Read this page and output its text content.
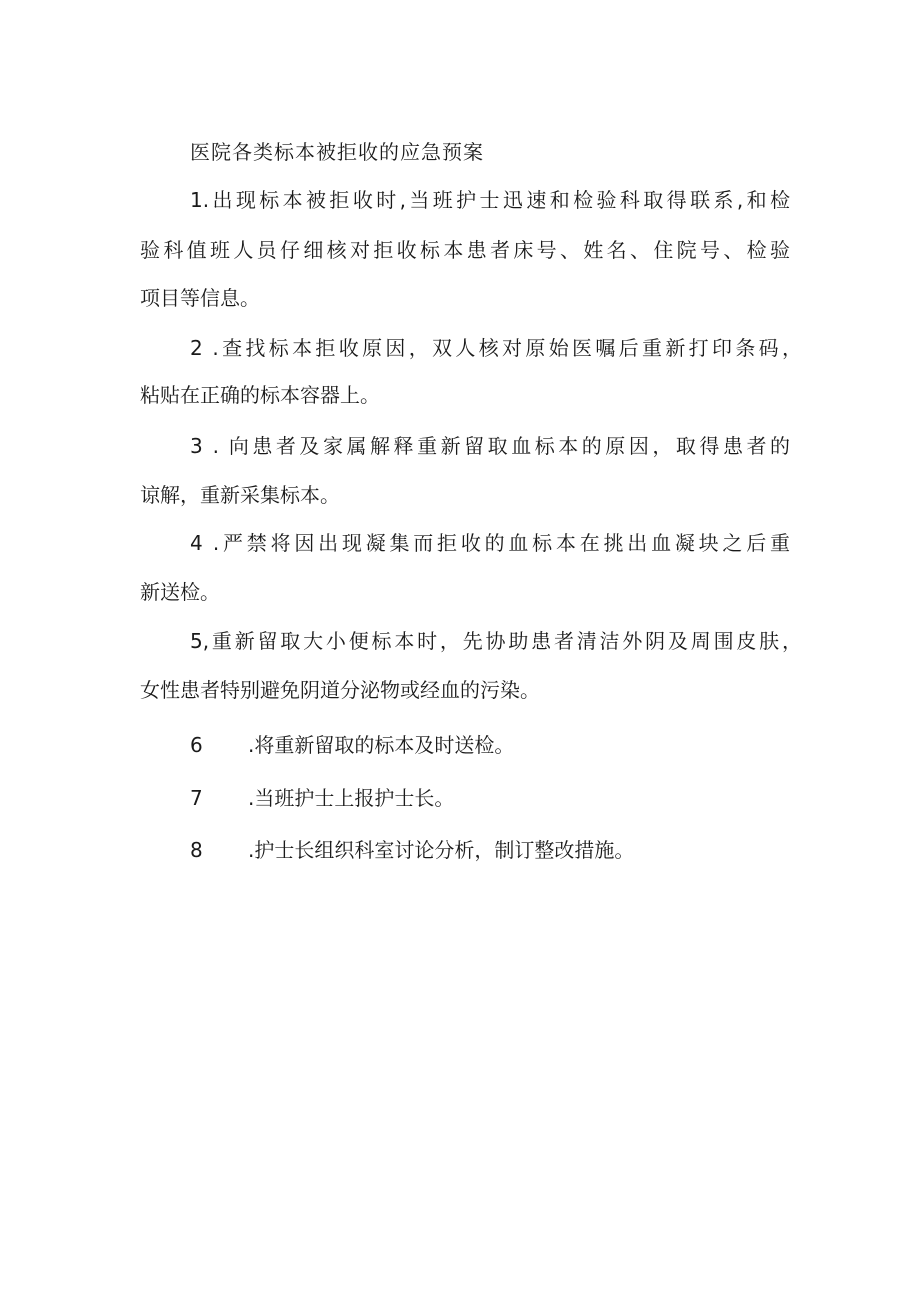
医院各类标本被拒收的应急预案
1.出现标本被拒收时,当班护士迅速和检验科取得联系,和检
验科值班人员仔细核对拒收标本患者床号、姓名、住院号、检验
项目等信息。
2 .查找标本拒收原因，双人核对原始医嘱后重新打印条码，
粘贴在正确的标本容器上。
3 . 向患者及家属解释重新留取血标本的原因，取得患者的
谅解，重新采集标本。
4 .严禁将因出现凝集而拒收的血标本在挑出血凝块之后重
新送检。
5,重新留取大小便标本时，先协助患者清洁外阴及周围皮肤，
女性患者特别避免阴道分泌物或经血的污染。
6 .将重新留取的标本及时送检。
7 .当班护士上报护士长。
8 .护士长组织科室讨论分析，制订整改措施。
